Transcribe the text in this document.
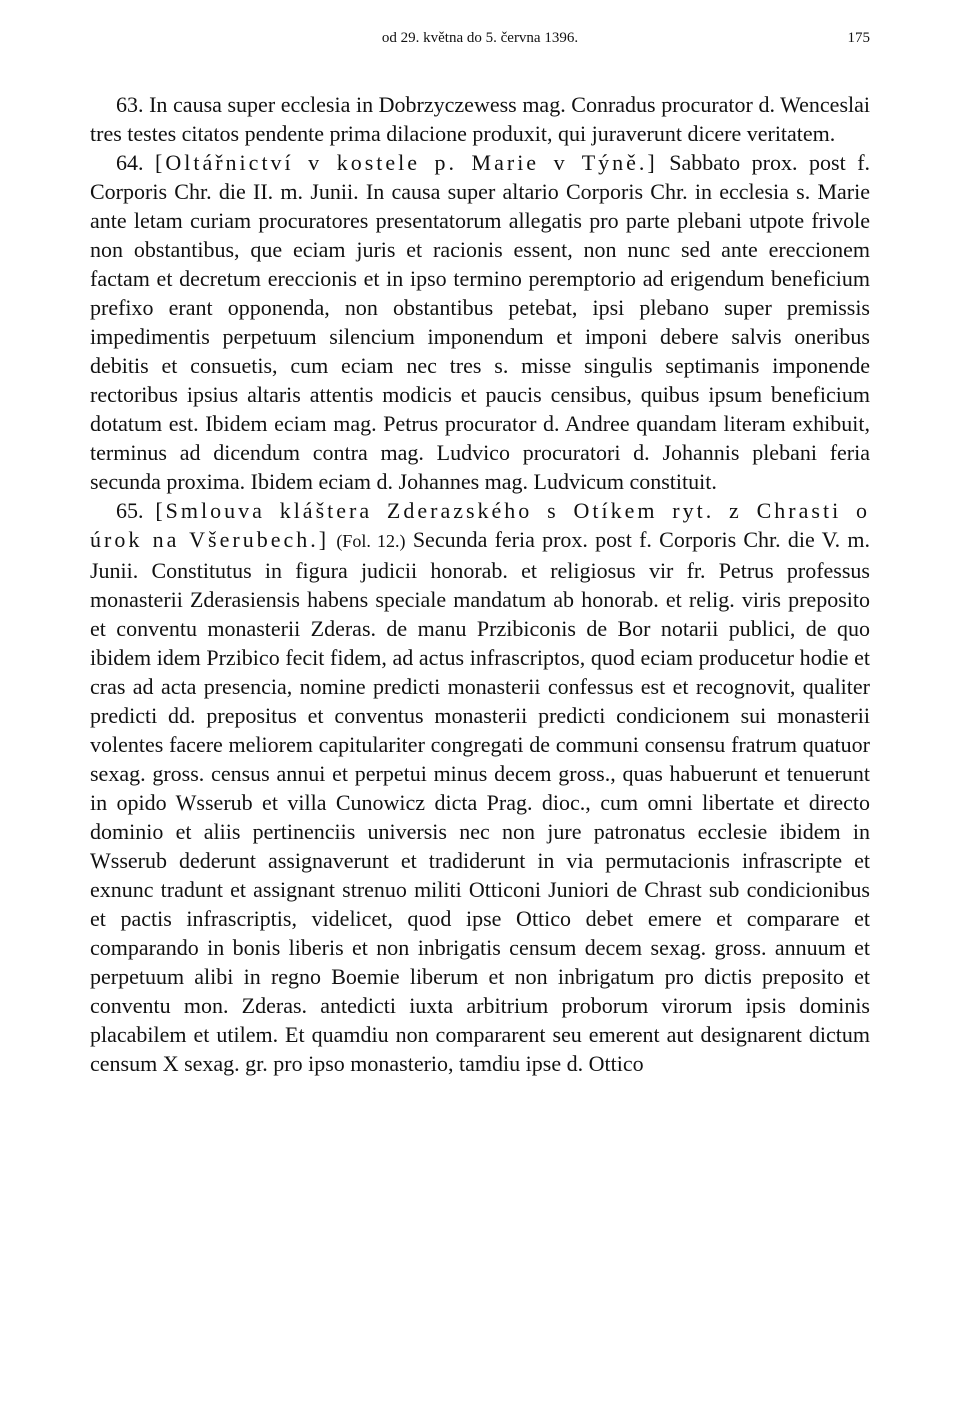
od 29. května do 5. června 1396.	175

63. In causa super ecclesia in Dobrzyczewess mag. Conradus procurator d. Wenceslai tres testes citatos pendente prima dilacione produxit, qui juraverunt dicere veritatem.

64. [Oltářnictví v kostele p. Marie v Týně.] Sabbato prox. post f. Corporis Chr. die II. m. Junii. In causa super altario Corporis Chr. in ecclesia s. Marie ante letam curiam procuratores presentatorum allegatis pro parte plebani utpote frivole non obstantibus, que eciam juris et racionis essent, non nunc sed ante ereccionem factam et decretum ereccionis et in ipso termino peremptorio ad erigendum beneficium prefixo erant opponenda, non obstantibus petebat, ipsi plebano super premissis impedimentis perpetuum silencium imponendum et imponi debere salvis oneribus debitis et consuetis, cum eciam nec tres s. misse singulis septimanis imponende rectoribus ipsius altaris attentis modicis et paucis censibus, quibus ipsum beneficium dotatum est. Ibidem eciam mag. Petrus procurator d. Andree quandam literam exhibuit, terminus ad dicendum contra mag. Ludvico procuratori d. Johannis plebani feria secunda proxima. Ibidem eciam d. Johannes mag. Ludvicum constituit.

65. [Smlouva kláštera Zderazského s Otíkem ryt. z Chrasti o úrok na Všerubech.] (Fol. 12.) Secunda feria prox. post f. Corporis Chr. die V. m. Junii. Constitutus in figura judicii honorab. et religiosus vir fr. Petrus professus monasterii Zderasiensis habens speciale mandatum ab honorab. et relig. viris preposito et conventu monasterii Zderas. de manu Przibiconis de Bor notarii publici, de quo ibidem idem Przibico fecit fidem, ad actus infrascriptos, quod eciam producetur hodie et cras ad acta presencia, nomine predicti monasterii confessus est et recognovit, qualiter predicti dd. prepositus et conventus monasterii predicti condicionem sui monasterii volentes facere meliorem capitulariter congregati de communi consensu fratrum quatuor sexag. gross. census annui et perpetui minus decem gross., quas habuerunt et tenuerunt in opido Wsserub et villa Cunowicz dicta Prag. dioc., cum omni libertate et directo dominio et aliis pertinenciis universis nec non jure patronatus ecclesie ibidem in Wsserub dederunt assignaverunt et tradiderunt in via permutacionis infrascripte et exnunc tradunt et assignant strenuo militi Otticoni Juniori de Chrast sub condicionibus et pactis infrascriptis, videlicet, quod ipse Ottico debet emere et comparare et comparando in bonis liberis et non inbrigatis censum decem sexag. gross. annuum et perpetuum alibi in regno Boemie liberum et non inbrigatum pro dictis preposito et conventu mon. Zderas. antedicti iuxta arbitrium proborum virorum ipsis dominis placabilem et utilem. Et quamdiu non compararent seu emerent aut designarent dictum censum X sexag. gr. pro ipso monasterio, tamdiu ipse d. Ottico
